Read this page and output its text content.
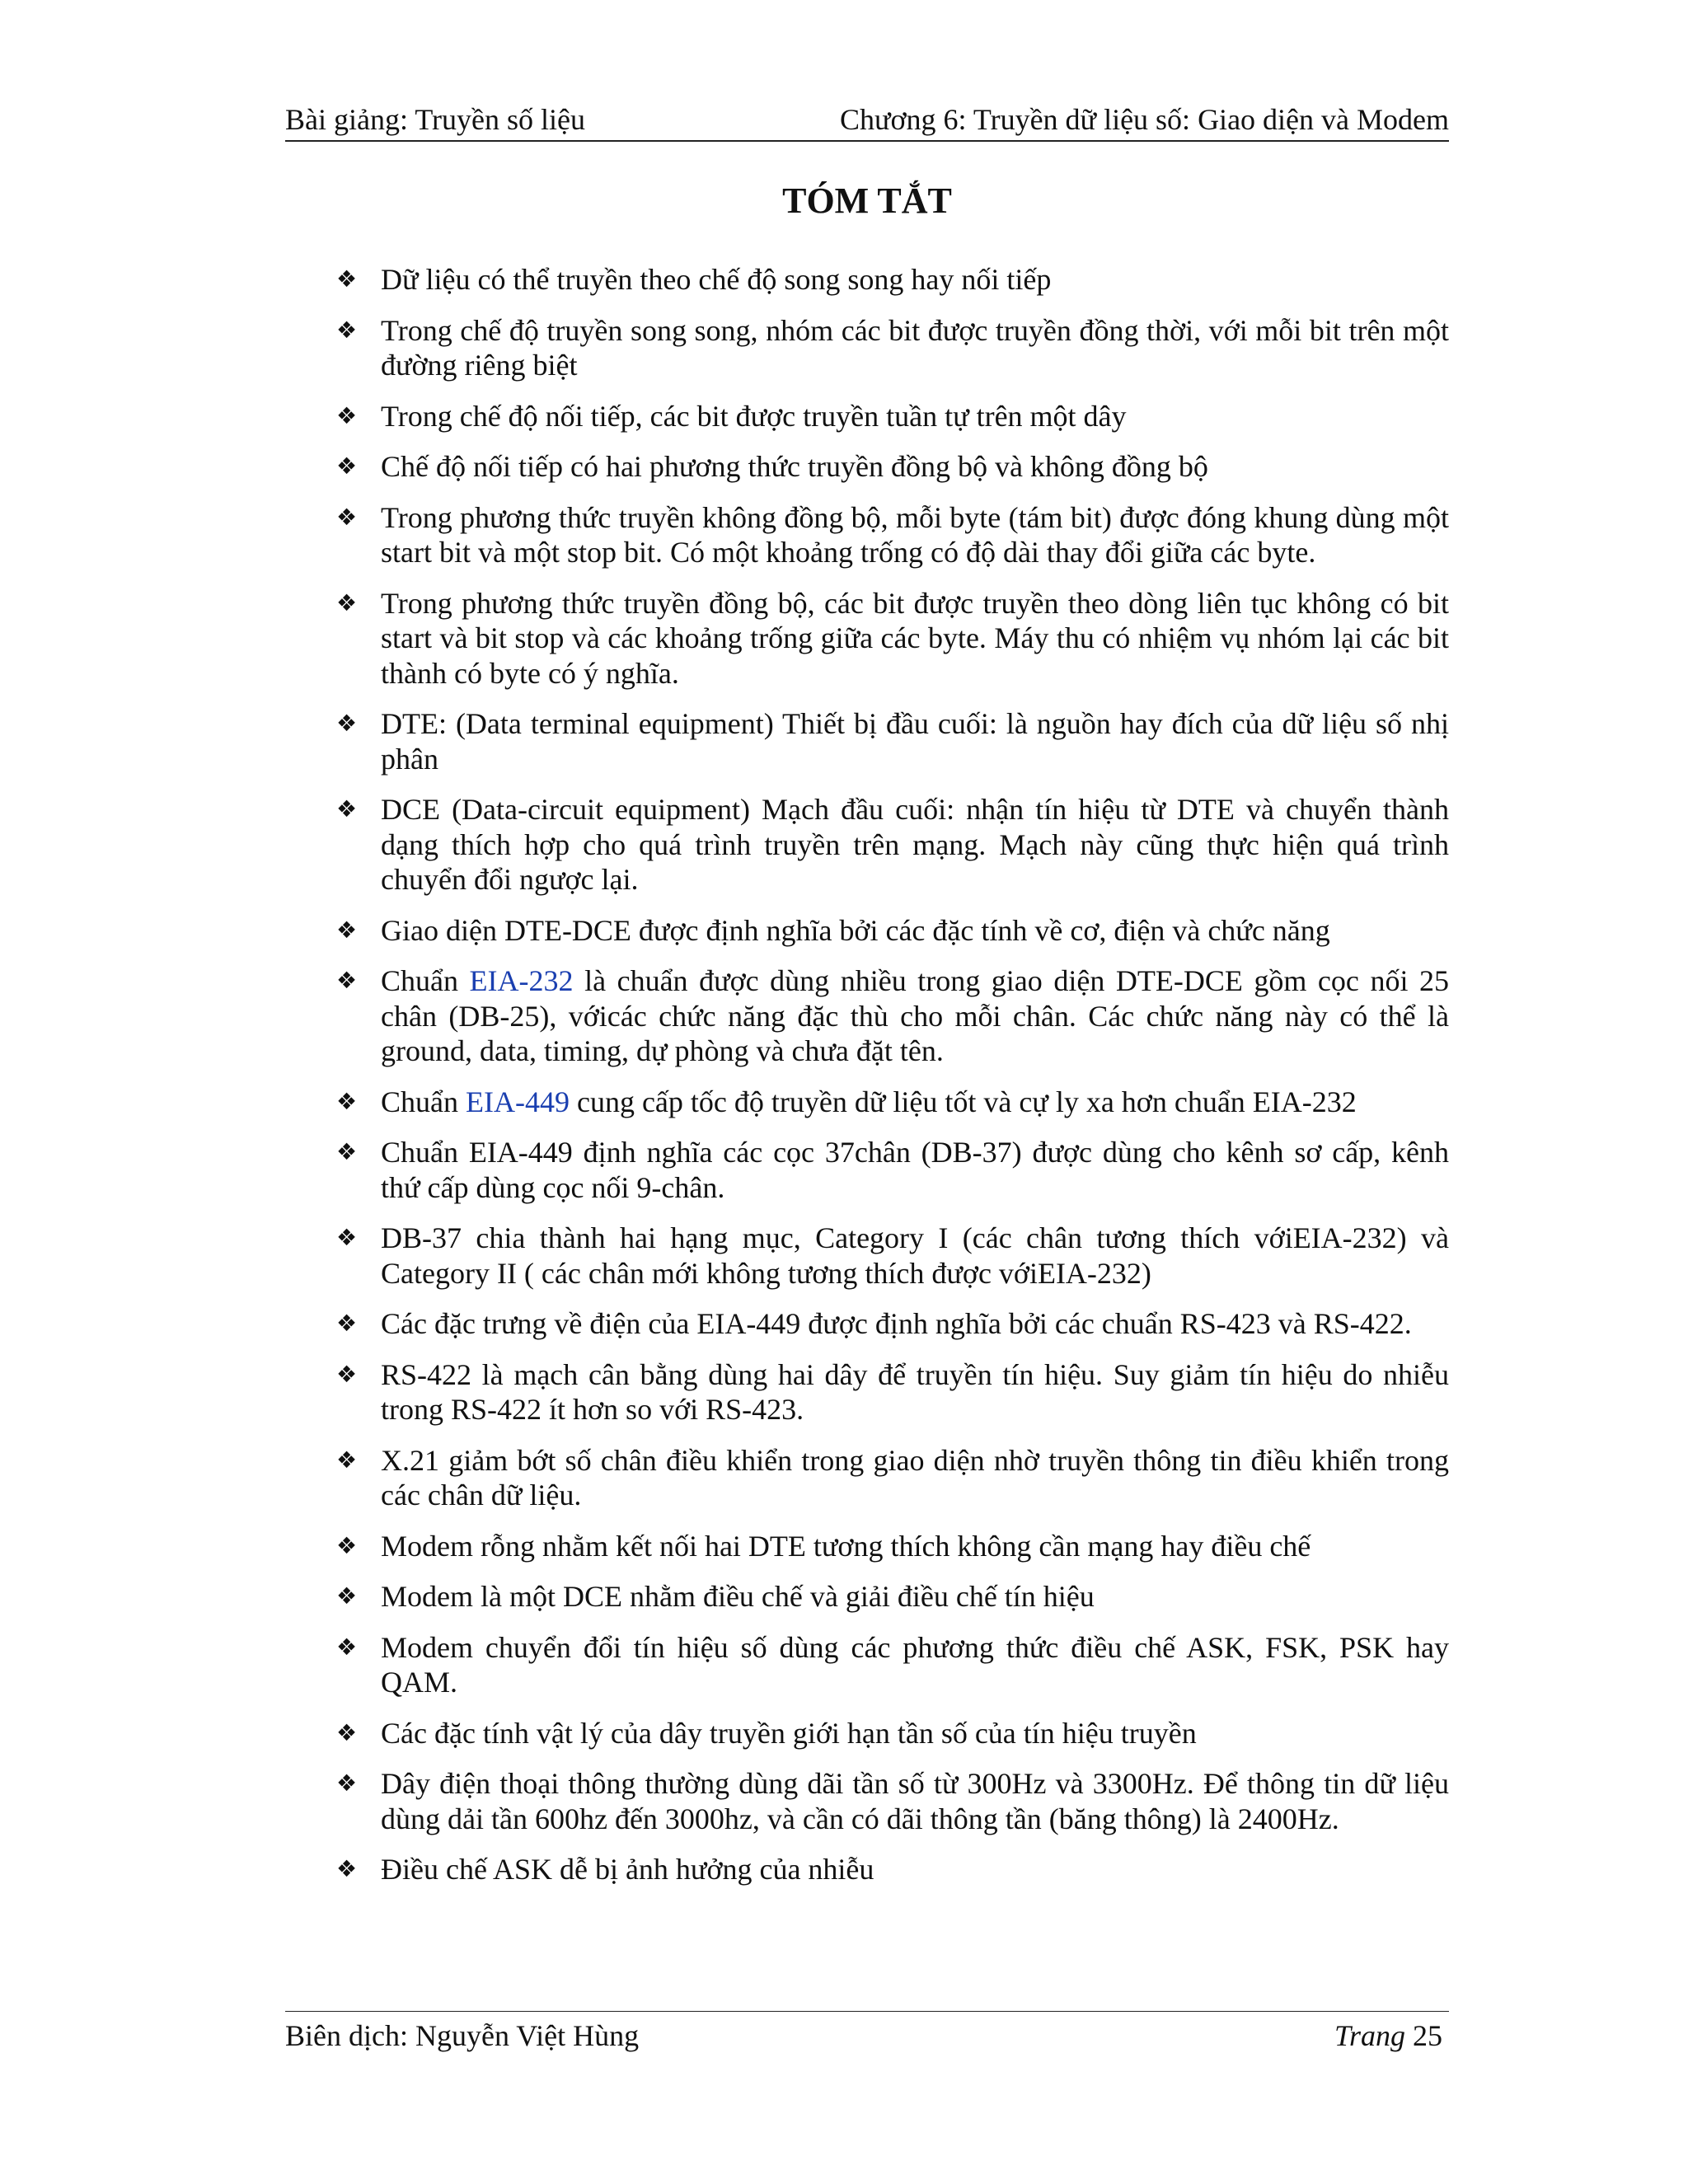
Bài giảng: Truyền số liệu	Chương 6: Truyền dữ liệu số: Giao diện và Modem
TÓM TẮT
❖ Dữ liệu có thể truyền theo chế độ song song hay nối tiếp
❖ Trong chế độ truyền song song, nhóm các bit được truyền đồng thời, với mỗi bit trên một đường riêng biệt
❖ Trong chế độ nối tiếp, các bit được truyền tuần tự trên một dây
❖ Chế độ nối tiếp có hai phương thức truyền đồng bộ và không đồng bộ
❖ Trong phương thức truyền không đồng bộ, mỗi byte (tám bit) được đóng khung dùng một start bit và một stop bit. Có một khoảng trống có độ dài thay đổi giữa các byte.
❖ Trong phương thức truyền đồng bộ, các bit được truyền theo dòng liên tục không có bit start và bit stop và các khoảng trống giữa các byte. Máy thu có nhiệm vụ nhóm lại các bit thành có byte có ý nghĩa.
❖ DTE: (Data terminal equipment) Thiết bị đầu cuối: là nguồn hay đích của dữ liệu số nhị phân
❖ DCE (Data-circuit equipment) Mạch đầu cuối: nhận tín hiệu từ DTE và chuyển thành dạng thích hợp cho quá trình truyền trên mạng. Mạch này cũng thực hiện quá trình chuyển đổi ngược lại.
❖ Giao diện DTE-DCE được định nghĩa bởi các đặc tính về cơ, điện và chức năng
❖ Chuẩn EIA-232 là chuẩn được dùng nhiều trong giao diện DTE-DCE gồm cọc nối 25 chân (DB-25), vớicác chức năng đặc thù cho mỗi chân. Các chức năng này có thể là ground, data, timing, dự phòng và chưa đặt tên.
❖ Chuẩn EIA-449 cung cấp tốc độ truyền dữ liệu tốt và cự ly xa hơn chuẩn EIA-232
❖ Chuẩn EIA-449 định nghĩa các cọc 37chân (DB-37) được dùng cho kênh sơ cấp, kênh thứ cấp dùng cọc nối 9-chân.
❖ DB-37 chia thành hai hạng mục, Category I (các chân tương thích vớiEIA-232) và Category II ( các chân mới không tương thích được vớiEIA-232)
❖ Các đặc trưng về điện của EIA-449 được định nghĩa bởi các chuẩn RS-423 và RS-422.
❖ RS-422 là mạch cân bằng dùng hai dây để truyền tín hiệu. Suy giảm tín hiệu do nhiễu trong RS-422 ít hơn so với RS-423.
❖ X.21 giảm bớt số chân điều khiển trong giao diện nhờ truyền thông tin điều khiển trong các chân dữ liệu.
❖ Modem rỗng nhằm kết nối hai DTE tương thích không cần mạng hay điều chế
❖ Modem là một DCE nhằm điều chế và giải điều chế tín hiệu
❖ Modem chuyển đổi tín hiệu số dùng các phương thức điều chế ASK, FSK, PSK hay QAM.
❖ Các đặc tính vật lý của dây truyền giới hạn tần số của tín hiệu truyền
❖ Dây điện thoại thông thường dùng dãi tần số từ 300Hz và 3300Hz. Để thông tin dữ liệu dùng dải tần 600hz đến 3000hz, và cần có dãi thông tần (băng thông) là 2400Hz.
❖ Điều chế ASK dễ bị ảnh hưởng của nhiễu
Biên dịch: Nguyễn Việt Hùng	Trang 25
